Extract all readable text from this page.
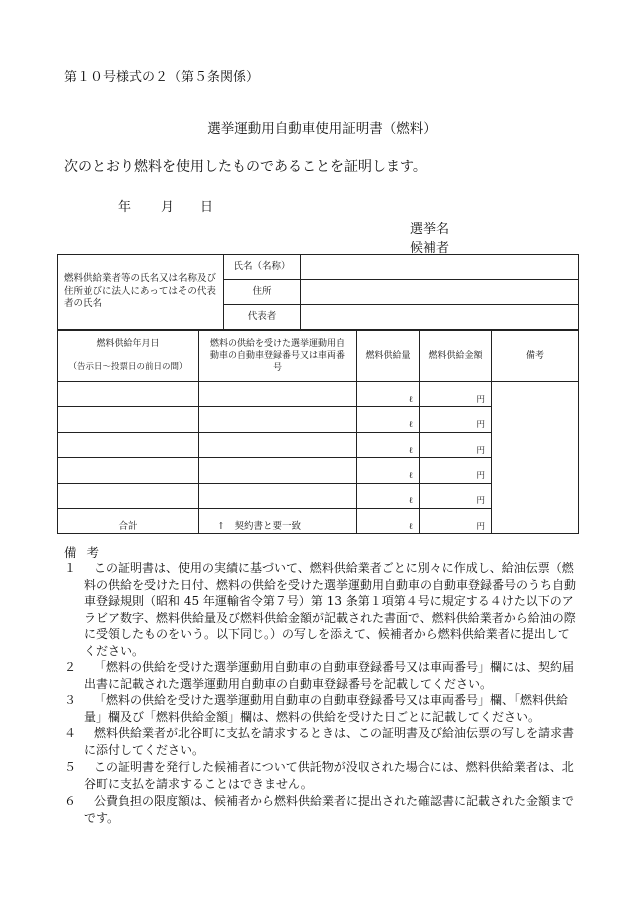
第１０号様式の２（第５条関係）
選挙運動用自動車使用証明書（燃料）
次のとおり燃料を使用したものであることを証明します。
年 月 日
選挙名
候補者
燃料供給業者等の氏名又は名称及び住所並びに法人にあってはその代表者の氏名	氏名（名称）	
	住所	
	代表者	
燃料供給年月日
（告示日～投票日の前日の間）	燃料の供給を受けた選挙運動用自動車の自動車登録番号又は車両番号	燃料供給量	燃料供給金額	備考
		ℓ	円	
		ℓ	円	
		ℓ	円	
		ℓ	円	
		ℓ	円	
合計	↑　契約書と要一致	ℓ	円	
備考
１	この証明書は、使用の実績に基づいて、燃料供給業者ごとに別々に作成し、給油伝票（燃料の供給を受けた日付、燃料の供給を受けた選挙運動用自動車の自動車登録番号のうち自動車登録規則（昭和 45 年運輸省令第７号）第 13 条第１項第４号に規定する４けた以下のアラビア数字、燃料供給量及び燃料供給金額が記載された書面で、燃料供給業者から給油の際に受領したものをいう。以下同じ。）の写しを添えて、候補者から燃料供給業者に提出してください。
２	「燃料の供給を受けた選挙運動用自動車の自動車登録番号又は車両番号」欄には、契約届出書に記載された選挙運動用自動車の自動車登録番号を記載してください。
３	「燃料の供給を受けた選挙運動用自動車の自動車登録番号又は車両番号」欄、「燃料供給量」欄及び「燃料供給金額」欄は、燃料の供給を受けた日ごとに記載してください。
４	燃料供給業者が北谷町に支払を請求するときは、この証明書及び給油伝票の写しを請求書に添付してください。
５	この証明書を発行した候補者について供託物が没収された場合には、燃料供給業者は、北谷町に支払を請求することはできません。
６	公費負担の限度額は、候補者から燃料供給業者に提出された確認書に記載された金額までです。
